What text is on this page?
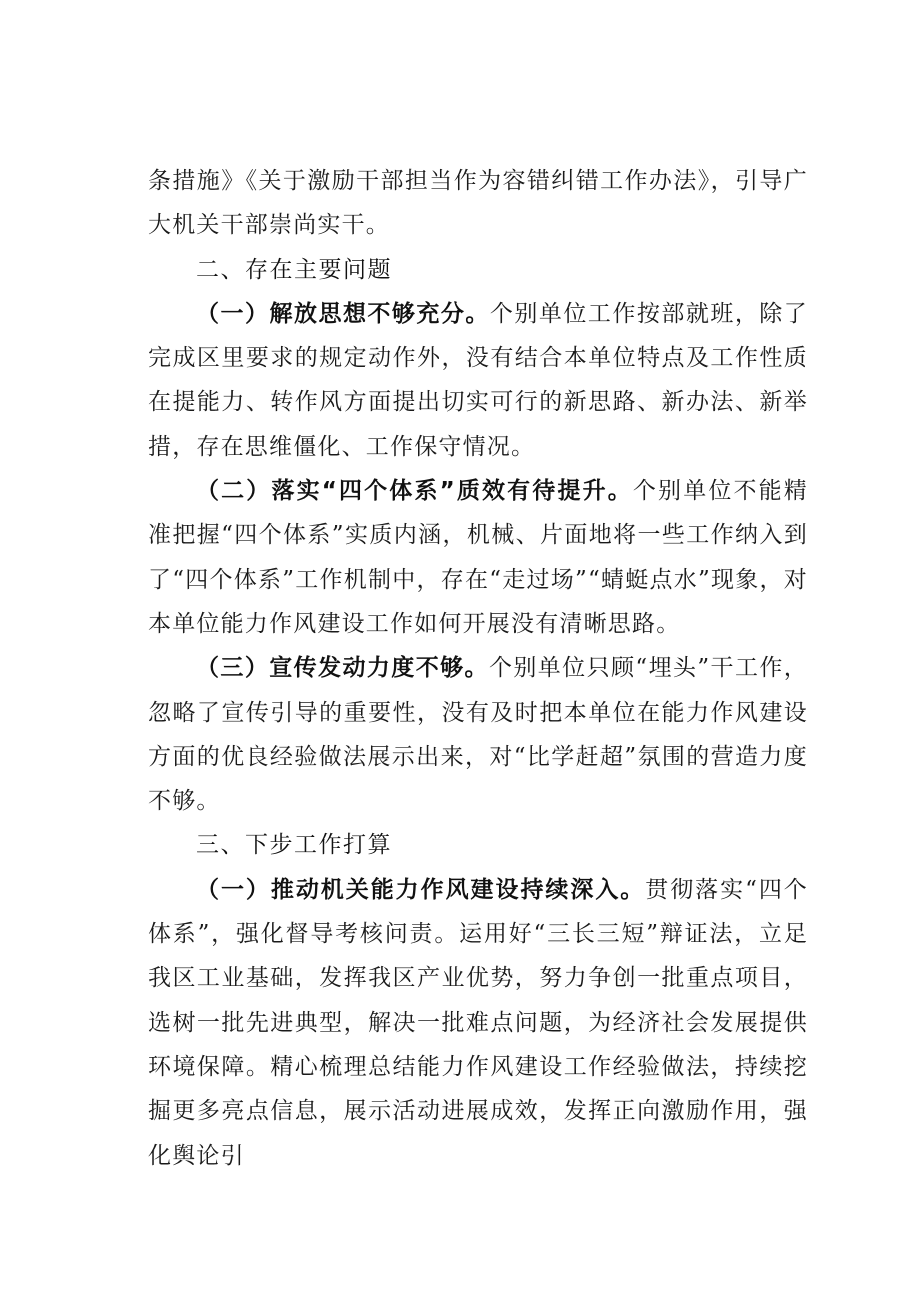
条措施》《关于激励干部担当作为容错纠错工作办法》，引导广大机关干部崇尚实干。

二、存在主要问题

（一）解放思想不够充分。个别单位工作按部就班，除了完成区里要求的规定动作外，没有结合本单位特点及工作性质在提能力、转作风方面提出切实可行的新思路、新办法、新举措，存在思维僵化、工作保守情况。

（二）落实“四个体系”质效有待提升。个别单位不能精准把握“四个体系”实质内涵，机械、片面地将一些工作纳入到了“四个体系”工作机制中，存在“走过场”“蜻蜓点水”现象，对本单位能力作风建设工作如何开展没有清晰思路。

（三）宣传发动力度不够。个别单位只顾“埋头”干工作，忽略了宣传引导的重要性，没有及时把本单位在能力作风建设方面的优良经验做法展示出来，对“比学赶超”氛围的营造力度不够。

三、下步工作打算

（一）推动机关能力作风建设持续深入。贯彻落实“四个体系”，强化督导考核问责。运用好“三长三短”辩证法，立足我区工业基础，发挥我区产业优势，努力争创一批重点项目，选树一批先进典型，解决一批难点问题，为经济社会发展提供环境保障。精心梳理总结能力作风建设工作经验做法，持续挖掘更多亮点信息，展示活动进展成效，发挥正向激励作用，强化舆论引
